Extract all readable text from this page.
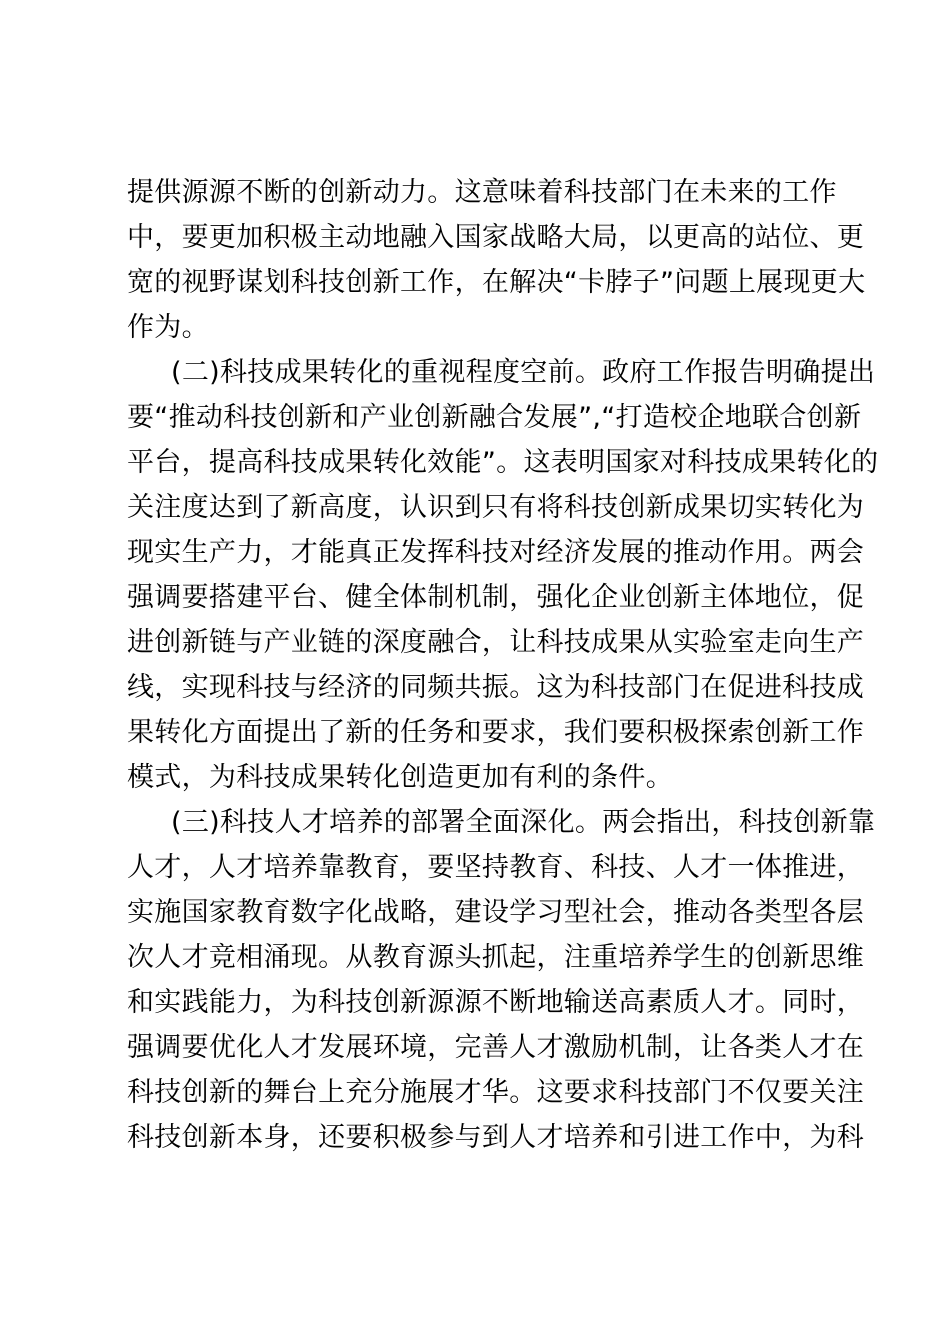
提供源源不断的创新动力。这意味着科技部门在未来的工作
中，要更加积极主动地融入国家战略大局，以更高的站位、更
宽的视野谋划科技创新工作，在解决“卡脖子”问题上展现更大
作为。
(二)科技成果转化的重视程度空前。政府工作报告明确提出
要“推动科技创新和产业创新融合发展”,“打造校企地联合创新
平台，提高科技成果转化效能”。这表明国家对科技成果转化的
关注度达到了新高度，认识到只有将科技创新成果切实转化为
现实生产力，才能真正发挥科技对经济发展的推动作用。两会
强调要搭建平台、健全体制机制，强化企业创新主体地位，促
进创新链与产业链的深度融合，让科技成果从实验室走向生产
线，实现科技与经济的同频共振。这为科技部门在促进科技成
果转化方面提出了新的任务和要求，我们要积极探索创新工作
模式，为科技成果转化创造更加有利的条件。
(三)科技人才培养的部署全面深化。两会指出，科技创新靠
人才，人才培养靠教育，要坚持教育、科技、人才一体推进，
实施国家教育数字化战略，建设学习型社会，推动各类型各层
次人才竞相涌现。从教育源头抓起，注重培养学生的创新思维
和实践能力，为科技创新源源不断地输送高素质人才。同时，
强调要优化人才发展环境，完善人才激励机制，让各类人才在
科技创新的舞台上充分施展才华。这要求科技部门不仅要关注
科技创新本身，还要积极参与到人才培养和引进工作中，为科
